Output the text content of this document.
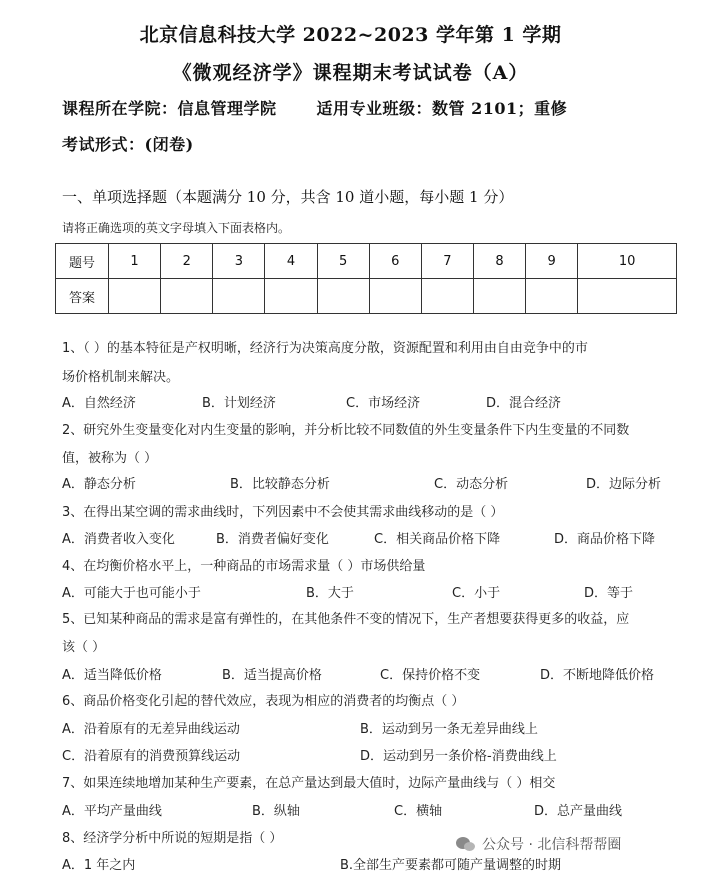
北京信息科技大学 2022~2023 学年第 1 学期
《微观经济学》课程期末考试试卷（A）
课程所在学院：信息管理学院	适用专业班级：数管 2101；重修
考试形式：(闭卷)
一、单项选择题（本题满分 10 分，共含 10 道小题，每小题 1 分）
请将正确选项的英文字母填入下面表格内。
题号	1	2	3	4	5	6	7	8	9	10
答案										
1、（ ）的基本特征是产权明晰，经济行为决策高度分散，资源配置和利用由自由竞争中的市
场价格机制来解决。
A．自然经济	B．计划经济	C．市场经济	D．混合经济
2、研究外生变量变化对内生变量的影响，并分析比较不同数值的外生变量条件下内生变量的不同数
值，被称为（ ）
A．静态分析	B．比较静态分析	C．动态分析	D．边际分析
3、在得出某空调的需求曲线时，下列因素中不会使其需求曲线移动的是（ ）
A．消费者收入变化	B．消费者偏好变化	C．相关商品价格下降	D．商品价格下降
4、在均衡价格水平上，一种商品的市场需求量（ ）市场供给量
A．可能大于也可能小于	B．大于	C．小于	D．等于
5、已知某种商品的需求是富有弹性的，在其他条件不变的情况下，生产者想要获得更多的收益，应
该（ ）
A．适当降低价格	B．适当提高价格	C．保持价格不变	D．不断地降低价格
6、商品价格变化引起的替代效应，表现为相应的消费者的均衡点（ ）
A．沿着原有的无差异曲线运动	B．运动到另一条无差异曲线上
C．沿着原有的消费预算线运动	D．运动到另一条价格-消费曲线上
7、如果连续地增加某种生产要素，在总产量达到最大值时，边际产量曲线与（ ）相交
A．平均产量曲线	B．纵轴	C．横轴	D．总产量曲线
8、经济学分析中所说的短期是指（ ）
A．1 年之内	B.全部生产要素都可随产量调整的时期
公众号 · 北信科帮帮圈
